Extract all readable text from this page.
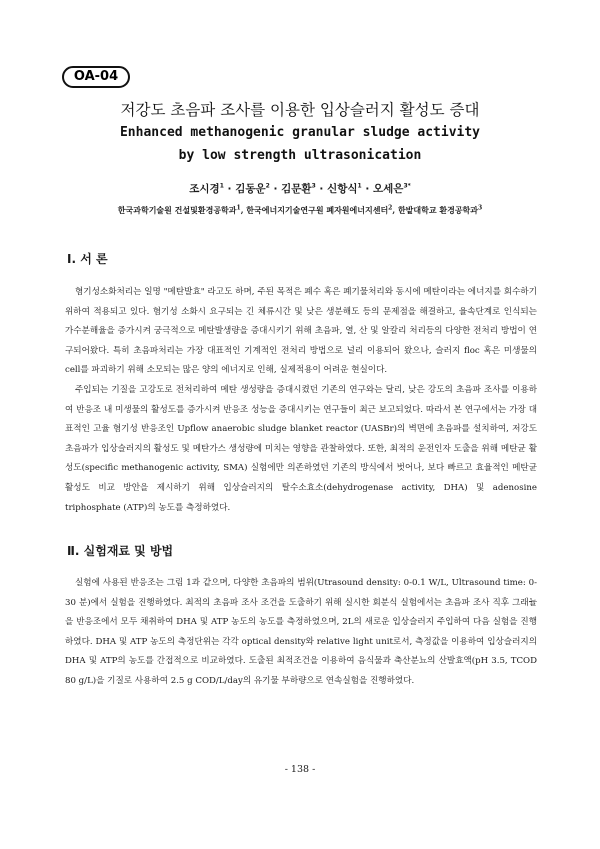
OA-04
저강도 초음파 조사를 이용한 입상슬러지 활성도 증대
Enhanced methanogenic granular sludge activity
by low strength ultrasonication
조시경$^1$ · 김동운$^2$ · 김문환$^3$ · 신항식$^1$ · 오세은$^{3*}$
한국과학기술원 건설및환경공학과$^1$, 한국에너지기술연구원 폐자원에너지센터$^2$, 한밭대학교 환경공학과$^3$
Ⅰ. 서 론

혐기성소화처리는 일명 "메탄발효" 라고도 하며, 주된 목적은 폐수 혹은 폐기물처리와 동시에 메탄이라는 에너지를 회수하기 위하여 적용되고 있다. 혐기성 소화시 요구되는 긴 체류시간 및 낮은 생분해도 등의 문제점을 해결하고, 율속단계로 인식되는 가수분해율을 증가시켜 궁극적으로 메탄발생량을 증대시키기 위해 초음파, 열, 산 및 알칼리 처리등의 다양한 전처리 방법이 연구되어왔다. 특히 초음파처리는 가장 대표적인 기계적인 전처리 방법으로 널리 이용되어 왔으나, 슬러지 floc 혹은 미생물의 cell를 파괴하기 위해 소모되는 많은 양의 에너지로 인해, 실제적용이 어려운 현실이다.

주입되는 기질을 고강도로 전처리하여 메탄 생성량을 증대시켰던 기존의 연구와는 달리, 낮은 강도의 초음파 조사를 이용하여 반응조 내 미생물의 활성도를 증가시켜 반응조 성능을 증대시키는 연구들이 최근 보고되었다. 따라서 본 연구에서는 가장 대표적인 고율 혐기성 반응조인 Upflow anaerobic sludge blanket reactor (UASBr)의 벽면에 초음파를 설치하여, 저강도 초음파가 입상슬러지의 활성도 및 메탄가스 생성량에 미치는 영향을 관찰하였다. 또한, 최적의 운전인자 도출을 위해 메탄균 활성도(specific methanogenic activity, SMA) 실험에만 의존하였던 기존의 방식에서 벗어나, 보다 빠르고 효율적인 메탄균 활성도 비교 방안을 제시하기 위해 입상슬러지의 탈수소효소(dehydrogenase activity, DHA) 및 adenosine triphosphate (ATP)의 농도를 측정하였다.

Ⅱ. 실험재료 및 방법

실험에 사용된 반응조는 그림 1과 같으며, 다양한 초음파의 범위(Utrasound density: 0-0.1 W/L, Ultrasound time: 0-30 분)에서 실험을 진행하였다. 최적의 초음파 조사 조건을 도출하기 위해 실시한 회분식 실험에서는 초음파 조사 직후 그래뉼을 반응조에서 모두 채취하여 DHA 및 ATP 농도의 농도를 측정하였으며, 2L의 새로운 입상슬러지 주입하여 다음 실험을 진행하였다. DHA 및 ATP 농도의 측정단위는 각각 optical density와 relative light unit로서, 측정값을 이용하여 입상슬러지의 DHA 및 ATP의 농도를 간접적으로 비교하였다. 도출된 최적조건을 이용하여 음식물과 축산분뇨의 산발효액(pH 3.5, TCOD 80 g/L)을 기질로 사용하여 2.5 g COD/L/day의 유기물 부하량으로 연속실험을 진행하였다.

- 138 -
